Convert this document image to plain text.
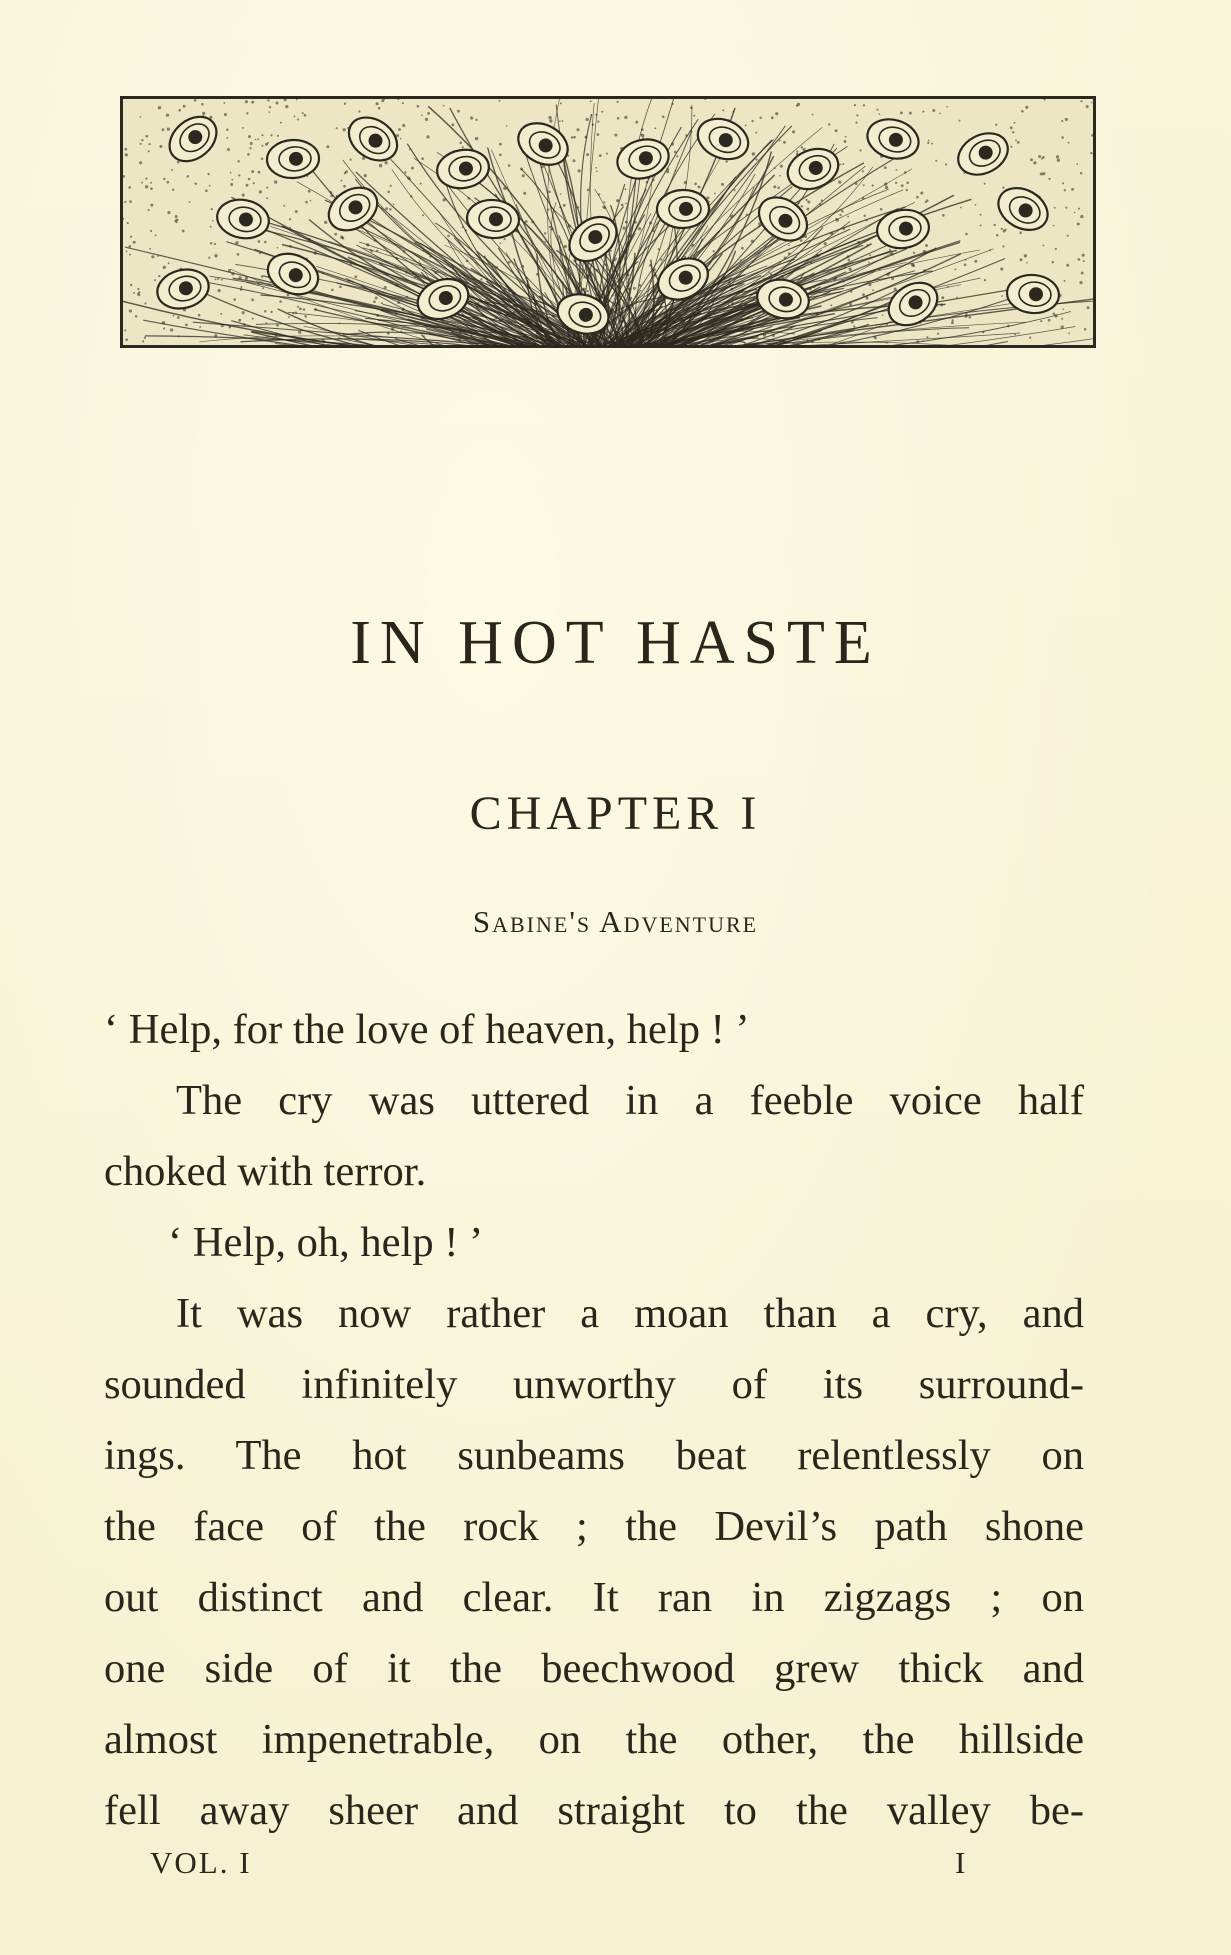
IN HOT HASTE
CHAPTER I
Sabine's Adventure

‘ Help, for the love of heaven, help ! ’

The cry was uttered in a feeble voice half
choked with terror.

‘ Help, oh, help ! ’

It was now rather a moan than a cry, and
sounded infinitely unworthy of its surround-
ings. The hot sunbeams beat relentlessly on
the face of the rock ; the Devil’s path shone
out distinct and clear. It ran in zigzags ; on
one side of it the beechwood grew thick and
almost impenetrable, on the other, the hillside
fell away sheer and straight to the valley be-

VOL. I	I
